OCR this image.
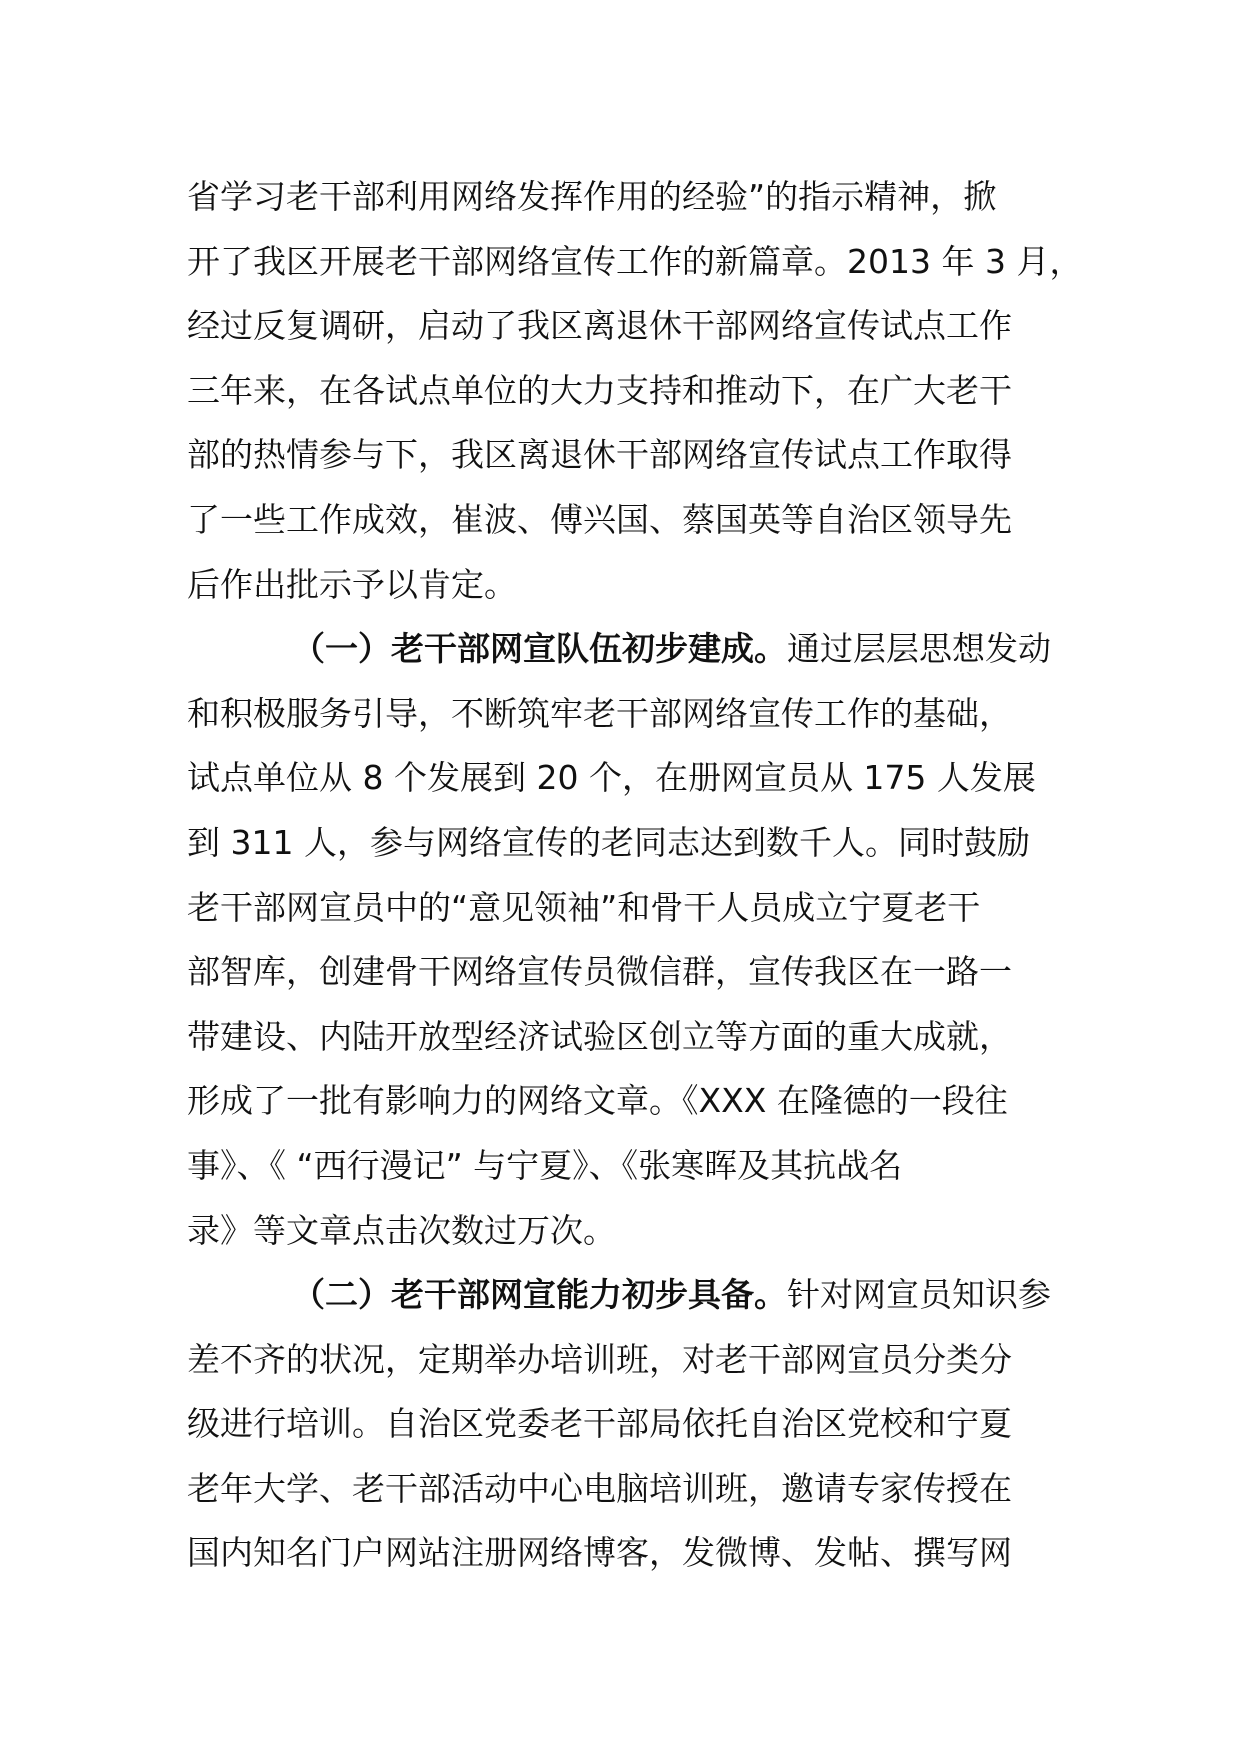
省学习老干部利用网络发挥作用的经验”的指示精神，掀
开了我区开展老干部网络宣传工作的新篇章。2013 年 3 月，
经过反复调研，启动了我区离退休干部网络宣传试点工作
三年来，在各试点单位的大力支持和推动下，在广大老干
部的热情参与下，我区离退休干部网络宣传试点工作取得
了一些工作成效，崔波、傅兴国、蔡国英等自治区领导先
后作出批示予以肯定。
（一）老干部网宣队伍初步建成。通过层层思想发动
和积极服务引导，不断筑牢老干部网络宣传工作的基础，
试点单位从 8 个发展到 20 个，在册网宣员从 175 人发展
到 311 人，参与网络宣传的老同志达到数千人。同时鼓励
老干部网宣员中的“意见领袖”和骨干人员成立宁夏老干
部智库，创建骨干网络宣传员微信群，宣传我区在一路一
带建设、内陆开放型经济试验区创立等方面的重大成就，
形成了一批有影响力的网络文章。《XXX 在隆德的一段往
事》、《 “西行漫记” 与宁夏》、《张寒晖及其抗战名
录》等文章点击次数过万次。
（二）老干部网宣能力初步具备。针对网宣员知识参
差不齐的状况，定期举办培训班，对老干部网宣员分类分
级进行培训。自治区党委老干部局依托自治区党校和宁夏
老年大学、老干部活动中心电脑培训班，邀请专家传授在
国内知名门户网站注册网络博客，发微博、发帖、撰写网
